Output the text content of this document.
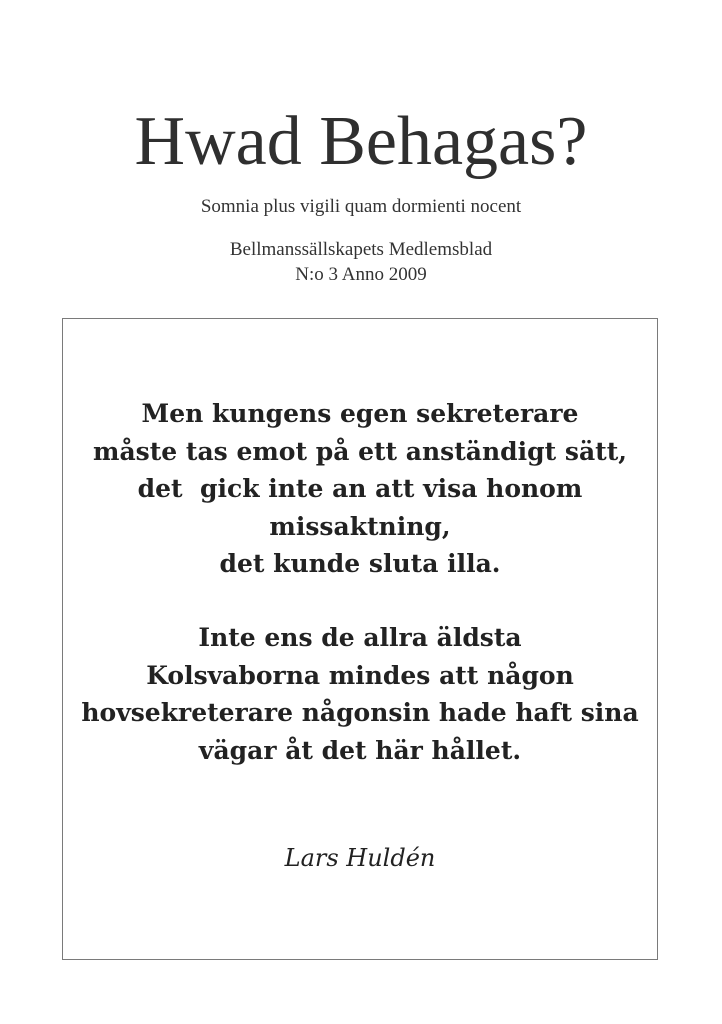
Hwad Behagas?
Somnia plus vigili quam dormienti nocent
Bellmanssällskapets Medlemsblad
N:o 3 Anno 2009
Men kungens egen sekreterare
måste tas emot på ett anständigt sätt,
det  gick inte an att visa honom
missaktning,
det kunde sluta illa.
Inte ens de allra äldsta
Kolsvaborna mindes att någon
hovsekreterare någonsin hade haft sina
vägar åt det här hållet.
Lars Huldén
